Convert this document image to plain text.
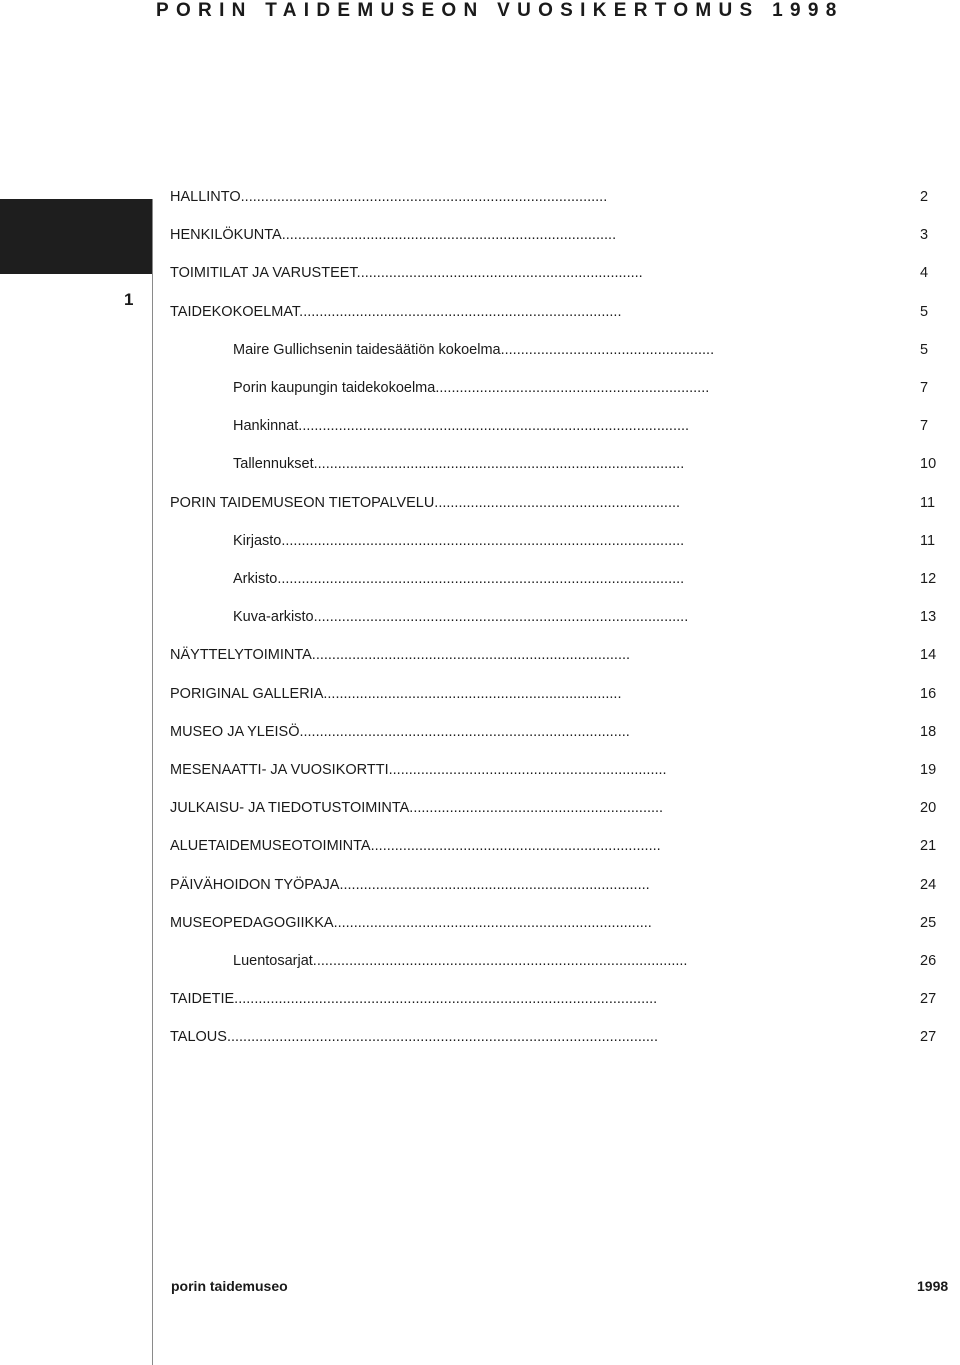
PORIN TAIDEMUSEON VUOSIKERTOMUS 1998
1
HALLINTO...........................................................................................	2
HENKILÖKUNTA...................................................................................	3
TOIMITILAT JA VARUSTEET.......................................................................	4
TAIDEKOKOELMAT................................................................................	5
Maire Gullichsenin taidesäätiön kokoelma.....................................................	5
Porin kaupungin taidekokoelma....................................................................	7
Hankinnat.................................................................................................	7
Tallennukset............................................................................................	10
PORIN TAIDEMUSEON TIETOPALVELU.............................................................	11
Kirjasto....................................................................................................	11
Arkisto.....................................................................................................	12
Kuva-arkisto.............................................................................................	13
NÄYTTELYTOIMINTA...............................................................................	14
PORIGINAL GALLERIA..........................................................................	16
MUSEO JA YLEISÖ..................................................................................	18
MESENAATTI- JA VUOSIKORTTI.....................................................................	19
JULKAISU- JA TIEDOTUSTOIMINTA...............................................................	20
ALUETAIDEMUSEOTOIMINTA........................................................................	21
PÄIVÄHOIDON TYÖPAJA.............................................................................	24
MUSEOPEDAGOGIIKKA...............................................................................	25
Luentosarjat.............................................................................................	26
TAIDETIE.........................................................................................................	27
TALOUS...........................................................................................................	27
porin taidemuseo	1998
